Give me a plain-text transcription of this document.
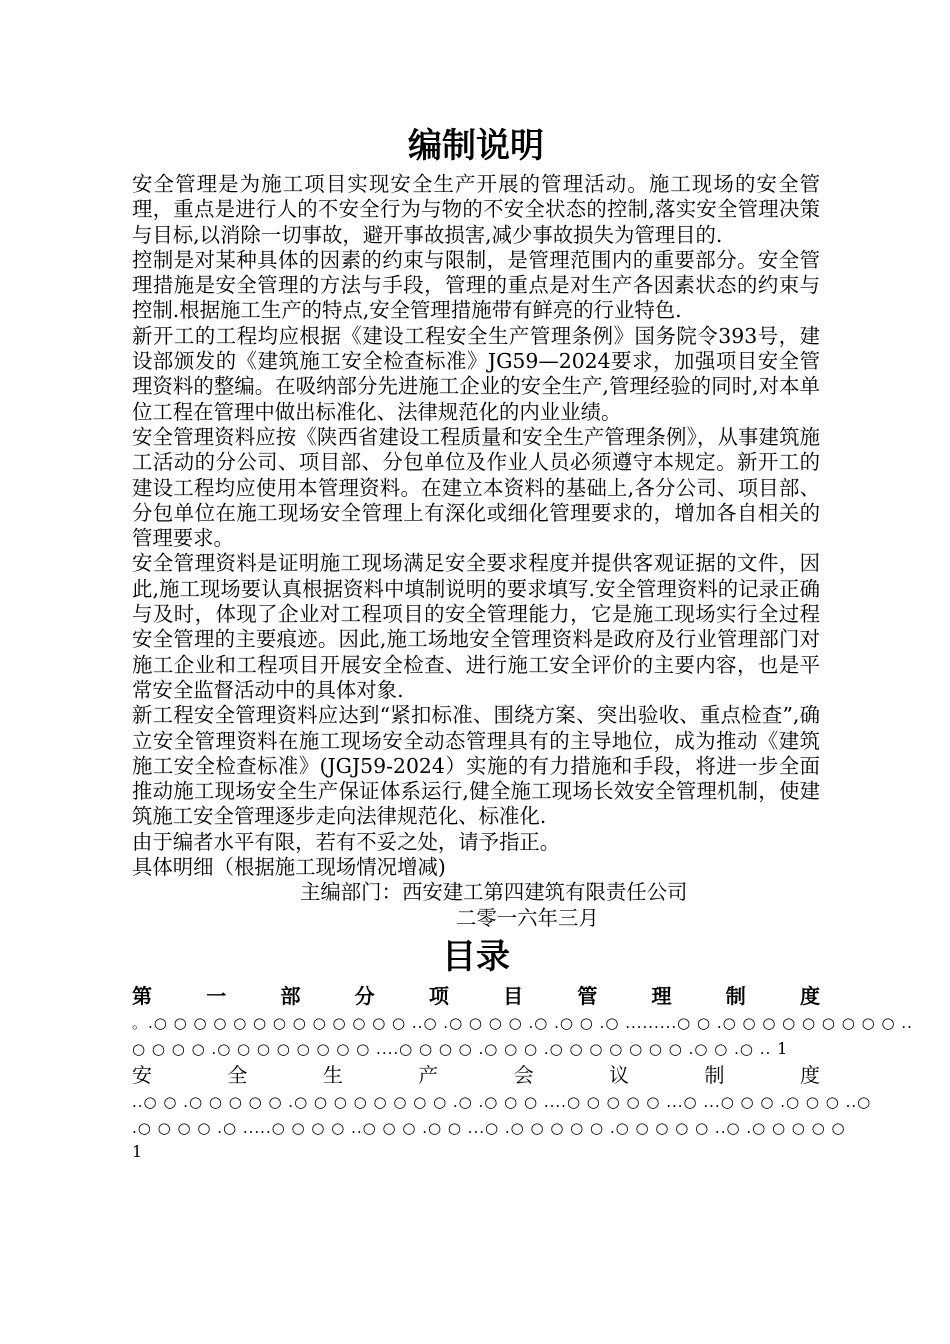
编制说明

安全管理是为施工项目实现安全生产开展的管理活动。施工现场的安全管理，重点是进行人的不安全行为与物的不安全状态的控制,落实安全管理决策与目标,以消除一切事故，避开事故损害,减少事故损失为管理目的.

控制是对某种具体的因素的约束与限制，是管理范围内的重要部分。安全管理措施是安全管理的方法与手段，管理的重点是对生产各因素状态的约束与控制.根据施工生产的特点,安全管理措施带有鲜亮的行业特色.

新开工的工程均应根据《建设工程安全生产管理条例》国务院令393号，建设部颁发的《建筑施工安全检查标准》JG59—2024要求，加强项目安全管理资料的整编。在吸纳部分先进施工企业的安全生产,管理经验的同时,对本单位工程在管理中做出标准化、法律规范化的内业业绩。

安全管理资料应按《陕西省建设工程质量和安全生产管理条例》，从事建筑施工活动的分公司、项目部、分包单位及作业人员必须遵守本规定。新开工的建设工程均应使用本管理资料。在建立本资料的基础上,各分公司、项目部、分包单位在施工现场安全管理上有深化或细化管理要求的，增加各自相关的管理要求。

安全管理资料是证明施工现场满足安全要求程度并提供客观证据的文件，因此,施工现场要认真根据资料中填制说明的要求填写.安全管理资料的记录正确与及时，体现了企业对工程项目的安全管理能力，它是施工现场实行全过程安全管理的主要痕迹。因此,施工场地安全管理资料是政府及行业管理部门对施工企业和工程项目开展安全检查、进行施工安全评价的主要内容，也是平常安全监督活动中的具体对象.

新工程安全管理资料应达到“紧扣标准、围绕方案、突出验收、重点检查”,确立安全管理资料在施工现场安全动态管理具有的主导地位，成为推动《建筑施工安全检查标准》(JGJ59-2024）实施的有力措施和手段，将进一步全面推动施工现场安全生产保证体系运行,健全施工现场长效安全管理机制，使建筑施工安全管理逐步走向法律规范化、标准化.

由于编者水平有限，若有不妥之处，请予指正。

具体明细（根据施工现场情况增减)

主编部门：西安建工第四建筑有限责任公司

二零一六年三月

目录
第	一	部	分	项	目	管	理	制	度
。.○ ○ ○ ○ ○ ○ ○ ○ ○ ○ ○ ○ ○ ..○ .○ ○ ○ ○ .○ .○ ○ .○ .........○ ○ .○ ○ ○ ○ ○ ○ ○ ○ ○ ..
○ ○ ○ ○ .○ ○ ○ ○ ○ ○ ○ ○ ....○ ○ ○ ○ .○ ○ ○ .○ ○ ○ ○ ○ ○ ○ .○ ○ .○ .. 1
安	全	生	产	会	议	制	度
..○ ○ .○ ○ ○ ○ ○ .○ ○ ○ ○ ○ ○ ○ ○ .○ .○ ○ ○ ....○ ○ ○ ○ ○ ...○ ...○ ○ ○ .○ ○ ○ ..○
.○ ○ ○ ○ .○ .....○ ○ ○ ○ ..○ ○ ○ .○ ○ ...○ .○ ○ ○ ○ ○ .○ ○ ○ ○ ○ ..○ .○ ○ ○ ○ ○
1
